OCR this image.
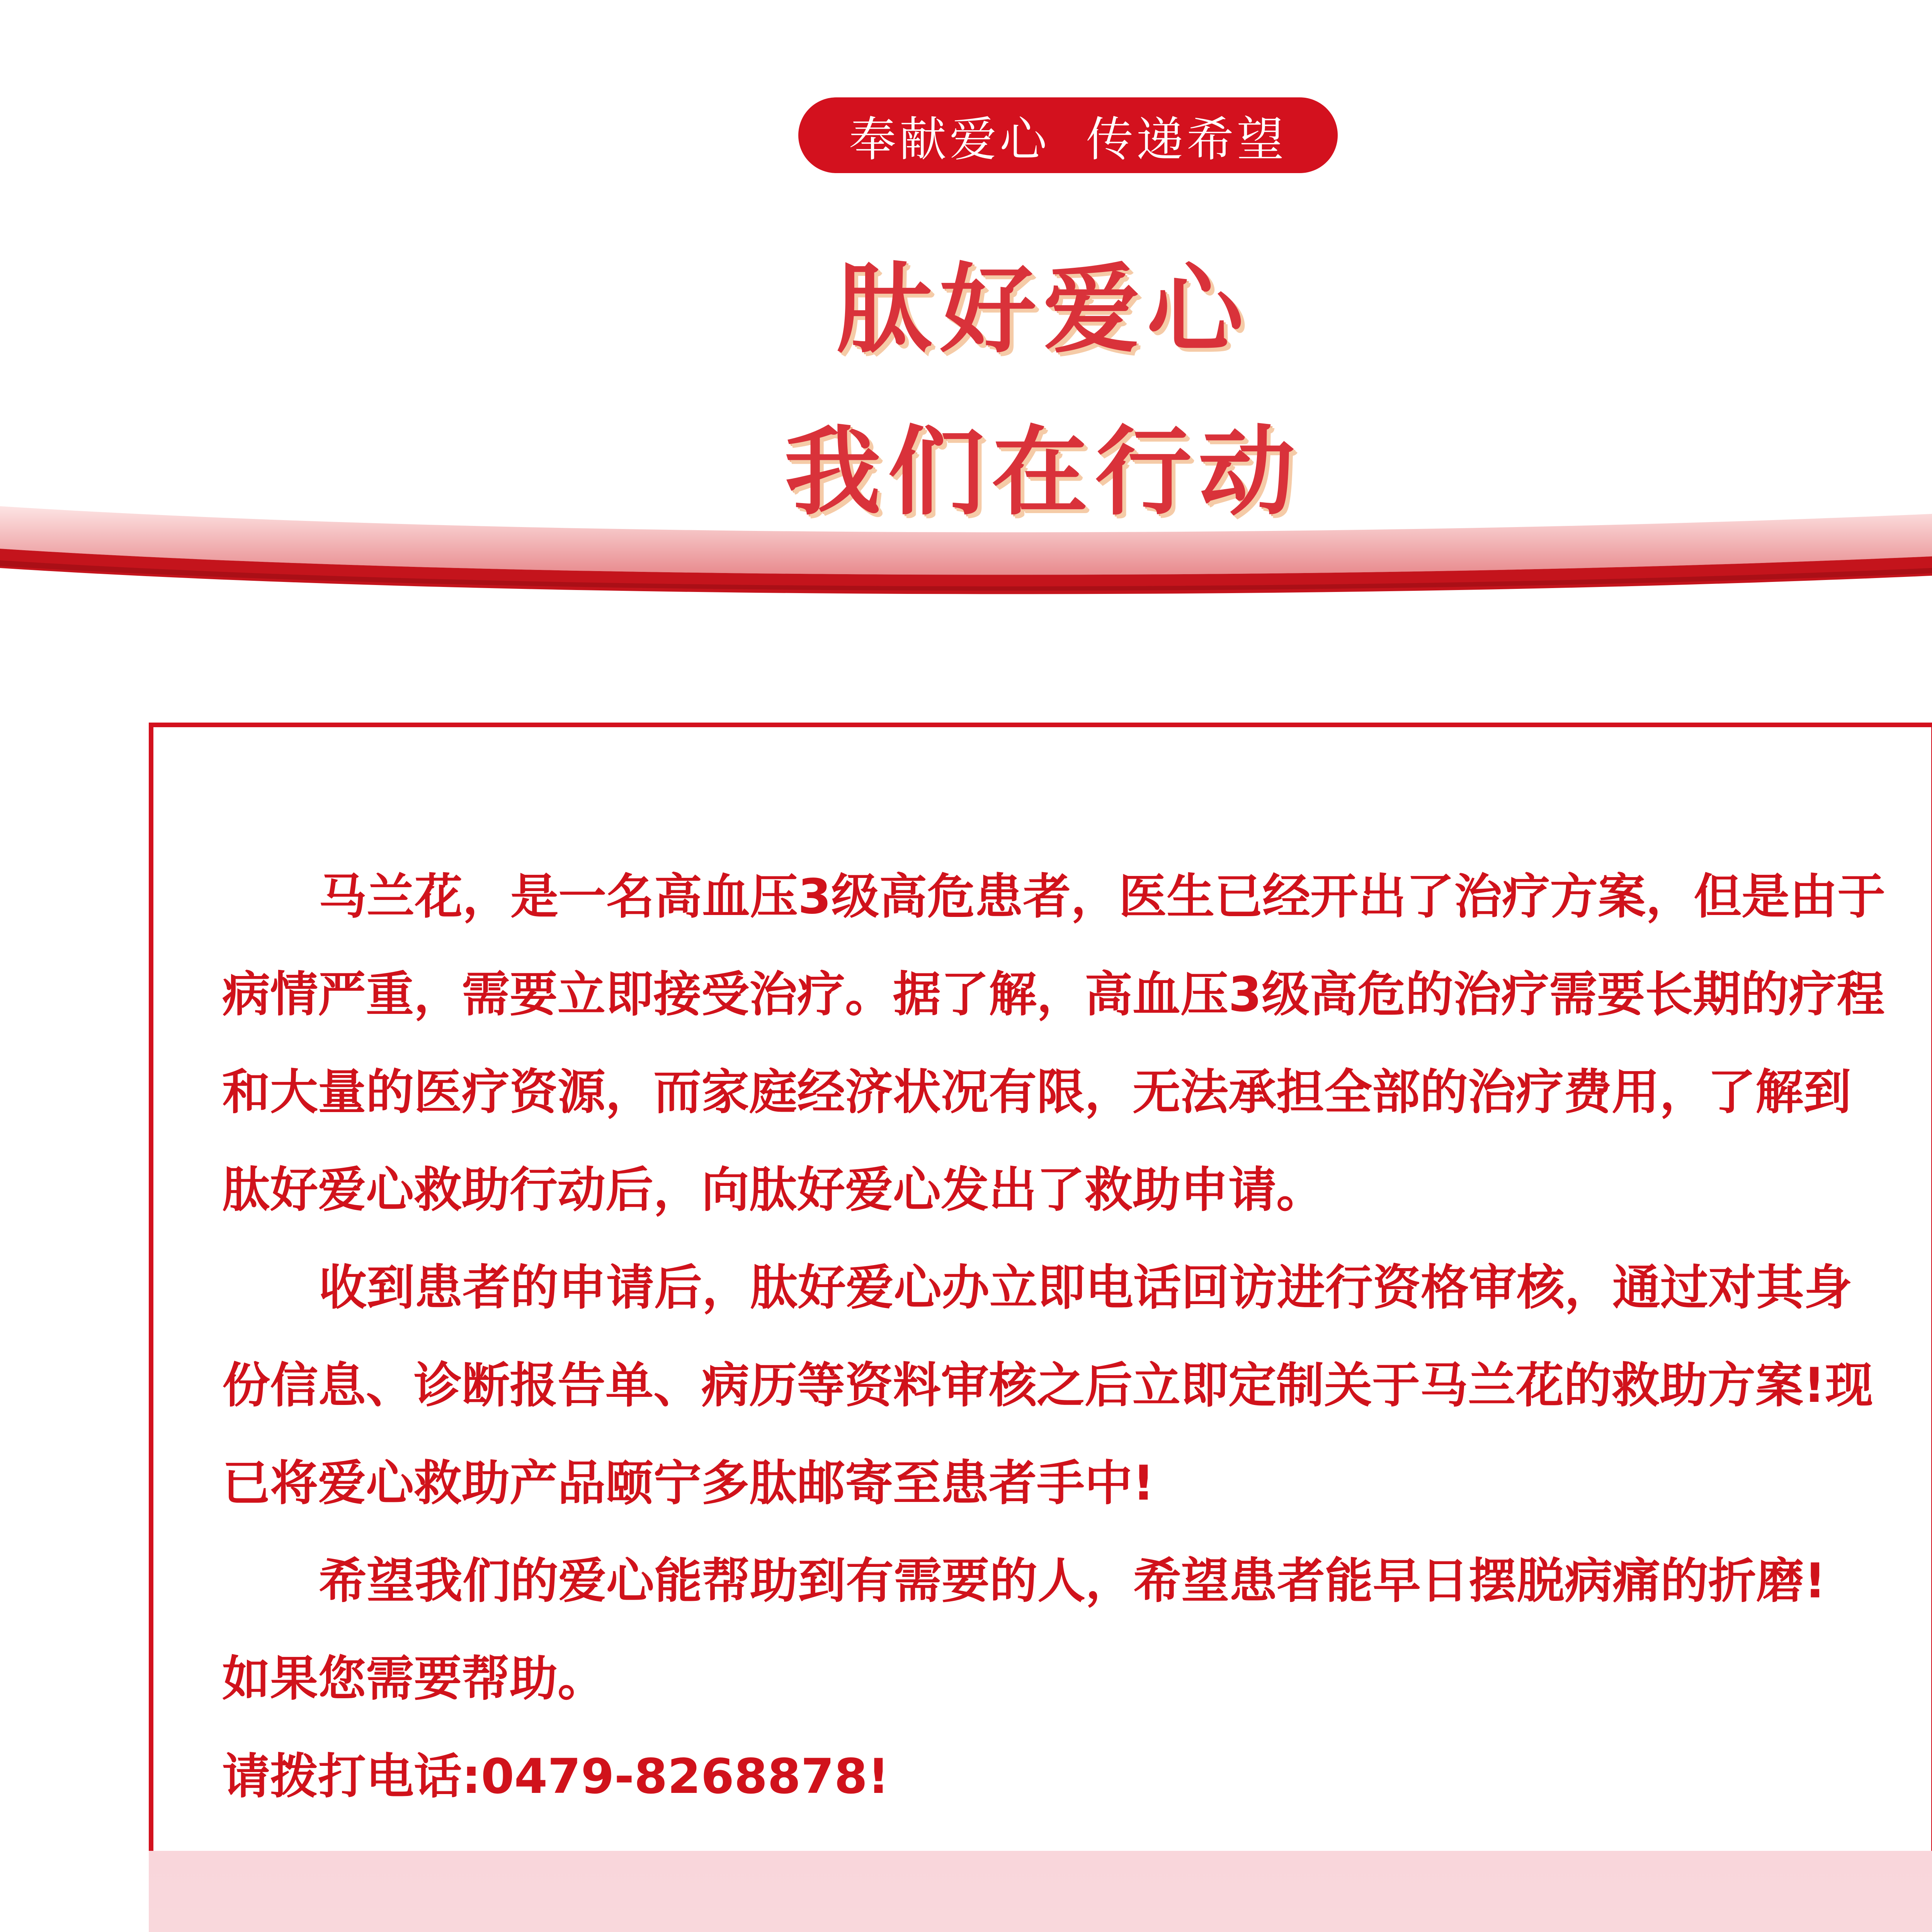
奉献爱心  传递希望
肽好爱心
我们在行动

马兰花，是一名高血压3级高危患者，医生已经开出了治疗方案，但是由于病情严重，需要立即接受治疗。据了解，高血压3级高危的治疗需要长期的疗程和大量的医疗资源，而家庭经济状况有限，无法承担全部的治疗费用，了解到肽好爱心救助行动后，向肽好爱心发出了救助申请。

收到患者的申请后，肽好爱心办立即电话回访进行资格审核，通过对其身份信息、诊断报告单、病历等资料审核之后立即定制关于马兰花的救助方案!现已将爱心救助产品颐宁多肽邮寄至患者手中!

希望我们的爱心能帮助到有需要的人，希望患者能早日摆脱病痛的折磨!

如果您需要帮助。

请拨打电话:0479-8268878!
